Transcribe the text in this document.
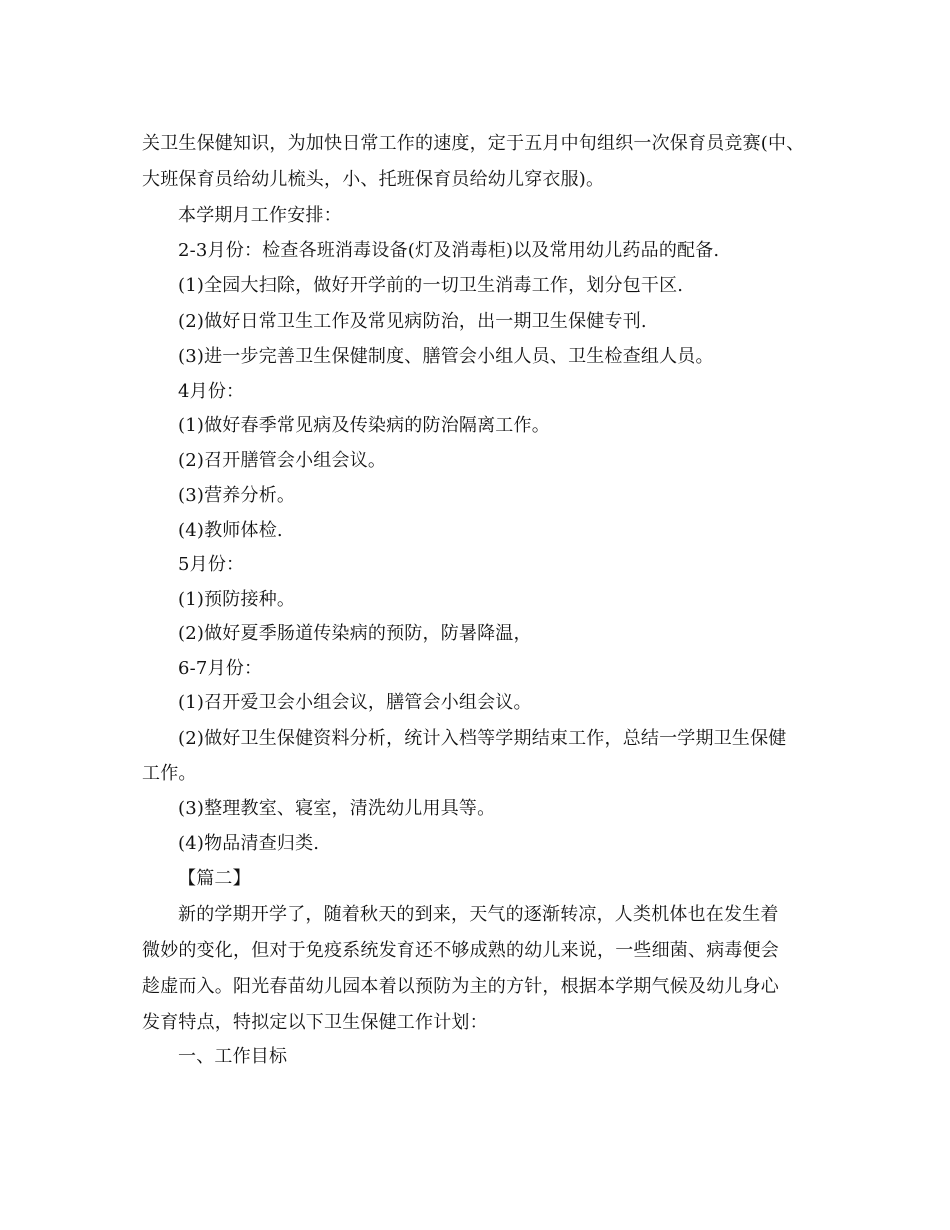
关卫生保健知识，为加快日常工作的速度，定于五月中旬组织一次保育员竞赛(中、
大班保育员给幼儿梳头，小、托班保育员给幼儿穿衣服)。
本学期月工作安排：
2-3月份：检查各班消毒设备(灯及消毒柜)以及常用幼儿药品的配备.
(1)全园大扫除，做好开学前的一切卫生消毒工作，划分包干区.
(2)做好日常卫生工作及常见病防治，出一期卫生保健专刊.
(3)进一步完善卫生保健制度、膳管会小组人员、卫生检查组人员。
4月份：
(1)做好春季常见病及传染病的防治隔离工作。
(2)召开膳管会小组会议。
(3)营养分析。
(4)教师体检.
5月份：
(1)预防接种。
(2)做好夏季肠道传染病的预防，防暑降温，
6-7月份：
(1)召开爱卫会小组会议，膳管会小组会议。
(2)做好卫生保健资料分析，统计入档等学期结束工作，总结一学期卫生保健
工作。
(3)整理教室、寝室，清洗幼儿用具等。
(4)物品清查归类.
【篇二】
新的学期开学了，随着秋天的到来，天气的逐渐转凉，人类机体也在发生着
微妙的变化，但对于免疫系统发育还不够成熟的幼儿来说，一些细菌、病毒便会
趁虚而入。阳光春苗幼儿园本着以预防为主的方针，根据本学期气候及幼儿身心
发育特点，特拟定以下卫生保健工作计划：
一、工作目标
